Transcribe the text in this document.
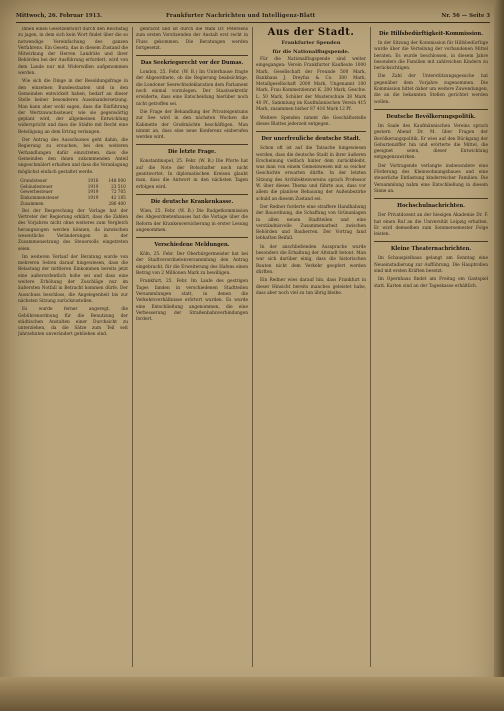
Mittwoch, 26. Februar 1913.	Frankfurter Nachrichten und Intelligenz-Blatt	Nr. 56 — Seite 3

ihnen einen Gesetzentwurf durch den Reichstag zu jagen, in dem sich kein Wort findet über die so notwendige Vereinfachung des ganzen Verfahrens. Ein Gesetz, das in diesem Zustand die Mitwirkung der Herren Landräte und ihrer Behörden bei der Ausführung erfordert, wird von dem Lande nur mit Widerwillen aufgenommen werden.

Wie sich die Dinge in der Besoldungsfrage in den einzelnen Bundesstaaten und in den Gemeinden entwickelt haben, bedarf an dieser Stelle keiner besonderen Auseinandersetzung. Man kann aber wohl sagen, dass die Einführung der Wertzuwachssteuer, wie sie gegenwärtig geplant wird, der allgemeinen Entwicklung widerspricht und dass die Städte mit Recht eine Beteiligung an dem Ertrag verlangen.

Der Antrag des Ausschusses geht dahin, die Regierung zu ersuchen, bei den weiteren Verhandlungen dafür einzutreten, dass die Gemeinden den ihnen zukommenden Anteil ungeschmälert erhalten und dass die Veranlagung möglichst einfach gestaltet werde.

Grundsteuer	1916	148 000
Gebäudesteuer	1919	23 510
Gewerbesteuer	1919	72 705
Einkommensteuer	1919	42 185
Zusammen		286 400

Bei der Besprechung der Vorlage hat der Vertreter der Regierung erklärt, dass die Zahlen des Vorjahres nicht ohne weiteres zum Vergleich herangezogen werden können, da inzwischen wesentliche Veränderungen in der Zusammensetzung des Steuersolls eingetreten seien.

Im weiteren Verlauf der Beratung wurde von mehreren Seiten darauf hingewiesen, dass die Belastung der mittleren Einkommen bereits jetzt eine außerordentlich hohe sei und dass eine weitere Erhöhung der Zuschläge nur im äußersten Notfall in Betracht kommen dürfe. Der Ausschuss beschloss, die Angelegenheit bis zur nächsten Sitzung zurückzustellen.

Es wurde ferner angeregt, die Gebührenordnung für die Benutzung der städtischen Anstalten einer Durchsicht zu unterziehen, da die Sätze zum Teil seit Jahrzehnten unverändert geblieben sind.

gebracht und ist durch die Wahl Dr. Petersens zum ersten Vorsitzenden der Anstalt erst recht in Fluss gekommen. Die Beratungen werden fortgesetzt.

Das Seekriegsrecht vor der Dumas.

London, 25. Febr. (W. B.) Im Unterhause fragte der Abgeordnete, ob die Regierung beabsichtige, die Londoner Seerechtsdeklaration dem Parlament noch einmal vorzulegen. Der Staatssekretär erwiderte, dass eine Entscheidung hierüber noch nicht getroffen sei.

Die Frage der Behandlung der Privateigentums zur See wird in den nächsten Wochen die Kabinette der Großmächte beschäftigen. Man nimmt an, dass eine neue Konferenz einberufen werden wird.

Die letzte Frage.

Konstantinopel, 25. Febr. (W. B.) Die Pforte hat auf die Note der Botschafter noch nicht geantwortet. In diplomatischen Kreisen glaubt man, dass die Antwort in den nächsten Tagen erfolgen wird.

Die deutsche Krankenkasse.

Wien, 25. Febr. (W. B.) Die Budgetkommission des Abgeordnetenhauses hat die Vorlage über die Reform der Krankenversicherung in erster Lesung angenommen.

Verschiedene Meldungen.

Köln, 25. Febr. Der Oberbürgermeister hat bei der Stadtverordnetenversammlung den Antrag eingebracht, für die Erweiterung des Hafens einen Betrag von 2 Millionen Mark zu bewilligen.

Frankfurt, 25. Febr. Im Laufe des gestrigen Tages fanden in verschiedenen Stadtteilen Versammlungen statt, in denen die Verkehrsverhältnisse erörtert wurden. Es wurde eine Entschließung angenommen, die eine Verbesserung der Straßenbahnverbindungen fordert.

Aus der Stadt.
Frankfurter Spenden
für die Nationalflugspende.

Für die Nationalflugspende sind weiter eingegangen: Verein Frankfurter Kaufleute 1000 Mark, Gesellschaft der Freunde 500 Mark, Bankhaus J. Dreyfus & Co. 300 Mark, Metallgesellschaft 2000 Mark, Ungenannt 100 Mark, Frau Kommerzienrat K. 200 Mark, Geschw. L. 50 Mark, Schüler der Musterschule 38 Mark 40 Pf., Sammlung im Kaufmännischen Verein 415 Mark, zusammen bisher 87 416 Mark 12 Pf.

Weitere Spenden nimmt die Geschäftsstelle dieses Blattes jederzeit entgegen.

Der unerfreuliche deutsche Stadt.

Schon oft ist auf die Tatsache hingewiesen worden, dass die deutsche Stadt in ihrer äußeren Erscheinung vielfach hinter dem zurückbleibt, was man von einem Gemeinwesen mit so reicher Geschichte erwarten dürfte. In der letzten Sitzung des Architektenvereins sprach Professor W. über dieses Thema und führte aus, dass vor allem die planlose Bebauung der Außenbezirke schuld an diesem Zustand sei.

Der Redner forderte eine straffere Handhabung der Bauordnung, die Schaffung von Grünanlagen in allen neuen Stadtteilen und eine verständnisvolle Zusammenarbeit zwischen Behörden und Bauherren. Der Vortrag fand lebhaften Beifall.

In der anschließenden Aussprache wurde besonders die Erhaltung der Altstadt betont. Man war sich darüber einig, dass die historischen Bauten nicht dem Verkehr geopfert werden dürften.

Ein Redner wies darauf hin, dass Frankfurt in dieser Hinsicht bereits manches geleistet habe, dass aber noch viel zu tun übrig bleibe.

Die Hilfsbedürftigkeit-Kommission.

In der Sitzung der Kommission für Hilfsbedürftige wurde über die Verteilung der vorhandenen Mittel beraten. Es wurde beschlossen, in diesem Jahre besonders die Familien mit zahlreichen Kindern zu berücksichtigen.

Die Zahl der Unterstützungsgesuche hat gegenüber dem Vorjahre zugenommen. Die Kommission bittet daher um weitere Zuwendungen, die an die bekannten Stellen gerichtet werden wollen.

Deutsche Bevölkerungspolitik.

Im Saale des Kaufmännischen Vereins sprach gestern Abend Dr. M. über Fragen der Bevölkerungspolitik. Er wies auf den Rückgang der Geburtenziffer hin und erörterte die Mittel, die geeignet seien, dieser Entwicklung entgegenzuwirken.

Der Vortragende verlangte insbesondere eine Förderung des Kleinwohnungsbaues und eine steuerliche Entlastung kinderreicher Familien. Die Versammlung nahm eine Entschließung in diesem Sinne an.

Hochschulnachrichten.

Der Privatdozent an der hiesigen Akademie Dr. F. hat einen Ruf an die Universität Leipzig erhalten. Er wird demselben zum Sommersemester Folge leisten.

Kleine Theaternachrichten.

Im Schauspielhaus gelangt am Sonntag eine Neueinstudierung zur Aufführung. Die Hauptrollen sind mit ersten Kräften besetzt.

Im Opernhaus findet am Freitag ein Gastspiel statt. Karten sind an der Tageskasse erhältlich.
